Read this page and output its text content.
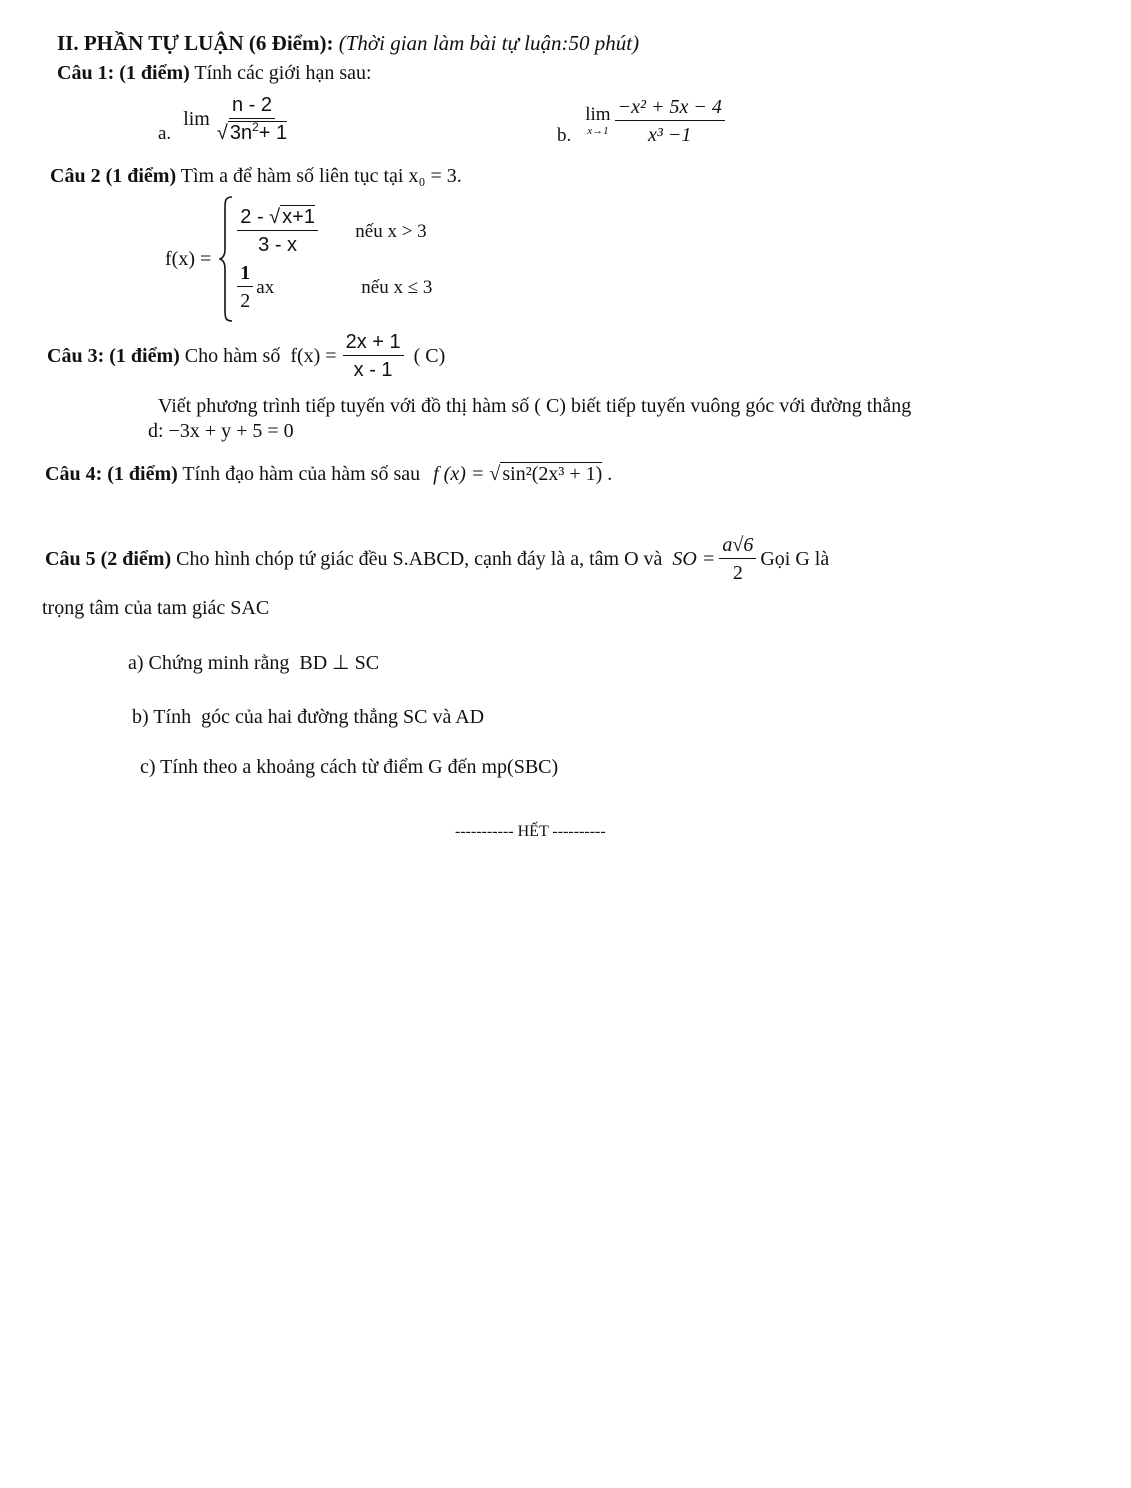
II. PHẦN TỰ LUẬN (6 Điểm): (Thời gian làm bài tự luận:50 phút)
Câu 1: (1 điểm) Tính các giới hạn sau:
a.
$\lim \frac{n - 2}{√ 3n^2+ 1}$	b.
lim
$x\to 1 \frac{\text{−x² + 5x − 4}}{\text{x³ −1}}$
Câu 2 (1 điểm) Tìm a để hàm số liên tục tại x₀ = 3.
f(x) =
$\frac{2 - √ x+1}{3 - x}$ nếu x > 3
$\frac{1}{2}$ ax	nếu x ≤ 3
Câu 3: (1 điểm) Cho hàm số  $f(x) = \frac{2x + 1}{x - 1}$ ( C)
Viết phương trình tiếp tuyến với đồ thị hàm số ( C) biết tiếp tuyến vuông góc với đường thẳng
d: −3x + y + 5 = 0
Câu 4: (1 điểm) Tính đạo hàm của hàm số sau f (x) = √ sin²(2x³ + 1) .
Câu 5 (2 điểm) Cho hình chóp tứ giác đều S.ABCD, cạnh đáy là a, tâm O và SO = $\frac{a√6}{2}$ Gọi G là
trọng tâm của tam giác SAC
a) Chứng minh rằng  BD ⊥ SC
b) Tính  góc của hai đường thẳng SC và AD
c) Tính theo a khoảng cách từ điểm G đến mp(SBC)
----------- HẾT ----------
